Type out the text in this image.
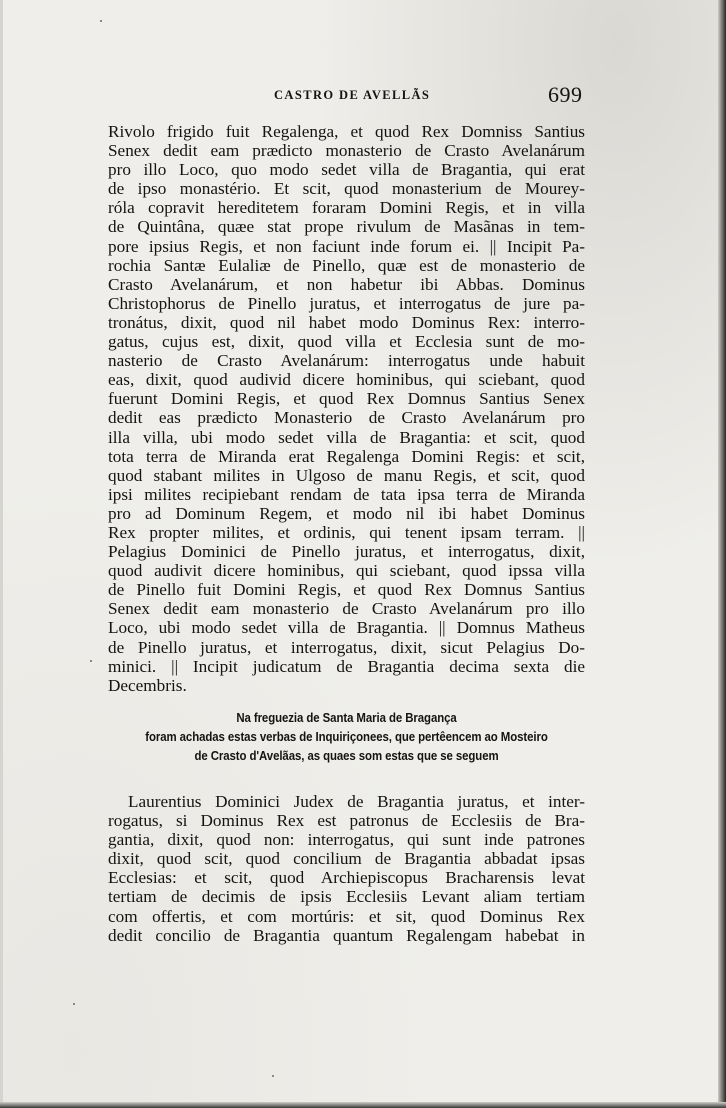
CASTRO DE AVELLÃS	699
Rivolo frigido fuit Regalenga, et quod Rex Domniss Santius
Senex dedit eam prædicto monasterio de Crasto Avelanárum
pro illo Loco, quo modo sedet villa de Bragantia, qui erat
de ipso monastério. Et scit, quod monasterium de Mourey-
róla copravit hereditetem foraram Domini Regis, et in villa
de Quintâna, quæe stat prope rivulum de Masãnas in tem-
pore ipsius Regis, et non faciunt inde forum ei. || Incipit Pa-
rochia Santæ Eulaliæ de Pinello, quæ est de monasterio de
Crasto Avelanárum, et non habetur ibi Abbas. Dominus
Christophorus de Pinello juratus, et interrogatus de jure pa-
tronátus, dixit, quod nil habet modo Dominus Rex: interro-
gatus, cujus est, dixit, quod villa et Ecclesia sunt de mo-
nasterio de Crasto Avelanárum: interrogatus unde habuit
eas, dixit, quod audivid dicere hominibus, qui sciebant, quod
fuerunt Domini Regis, et quod Rex Domnus Santius Senex
dedit eas prædicto Monasterio de Crasto Avelanárum pro
illa villa, ubi modo sedet villa de Bragantia: et scit, quod
tota terra de Miranda erat Regalenga Domini Regis: et scit,
quod stabant milites in Ulgoso de manu Regis, et scit, quod
ipsi milites recipiebant rendam de tata ipsa terra de Miranda
pro ad Dominum Regem, et modo nil ibi habet Dominus
Rex propter milites, et ordinis, qui tenent ipsam terram. ||
Pelagius Dominici de Pinello juratus, et interrogatus, dixit,
quod audivit dicere hominibus, qui sciebant, quod ipssa villa
de Pinello fuit Domini Regis, et quod Rex Domnus Santius
Senex dedit eam monasterio de Crasto Avelanárum pro illo
Loco, ubi modo sedet villa de Bragantia. || Domnus Matheus
de Pinello juratus, et interrogatus, dixit, sicut Pelagius Do-
minici. || Incipit judicatum de Bragantia decima sexta die
Decembris.
Na freguezia de Santa Maria de Bragança
foram achadas estas verbas de Inquiriçonees, que pertêencem ao Mosteiro
de Crasto d'Avelãas, as quaes som estas que se seguem
Laurentius Dominici Judex de Bragantia juratus, et inter-
rogatus, si Dominus Rex est patronus de Ecclesiis de Bra-
gantia, dixit, quod non: interrogatus, qui sunt inde patrones
dixit, quod scit, quod concilium de Bragantia abbadat ipsas
Ecclesias: et scit, quod Archiepiscopus Bracharensis levat
tertiam de decimis de ipsis Ecclesiis Levant aliam tertiam
com offertis, et com mortúris: et sit, quod Dominus Rex
dedit concilio de Bragantia quantum Regalengam habebat in
